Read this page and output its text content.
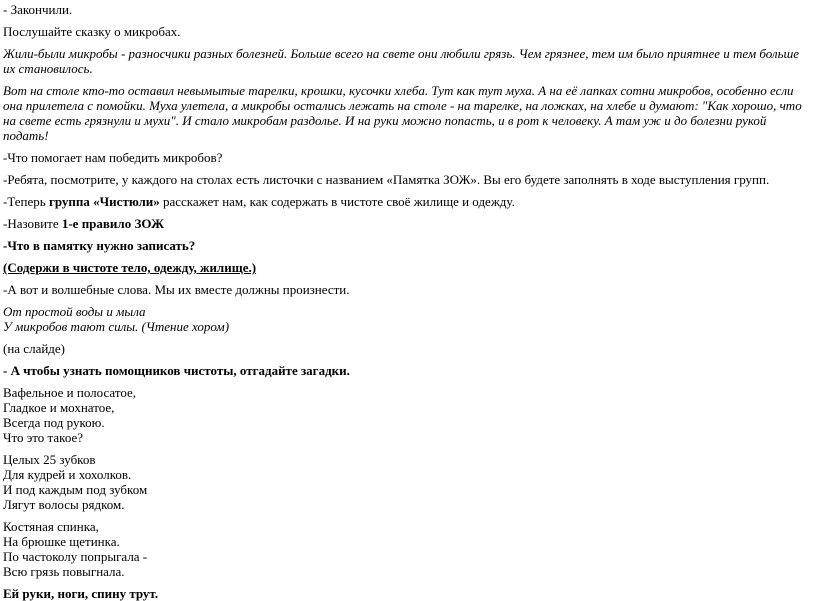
- Закончили.

Послушайте сказку о микробах.

Жили-были микробы - разносчики разных болезней. Больше всего на свете они любили грязь. Чем грязнее, тем им было приятнее и тем больше их становилось.

Вот на столе кто-то оставил невымытые тарелки, крошки, кусочки хлеба. Тут как тут муха. А на её лапках сотни микробов, особенно если она прилетела с помойки. Муха улетела, а микробы остались лежать на столе - на тарелке, на ложках, на хлебе и думают: "Как хорошо, что на свете есть грязнули и мухи". И стало микробам раздолье. И на руки можно попасть, и в рот к человеку. А там уж и до болезни рукой подать!

-Что помогает нам победить микробов?

-Ребята, посмотрите, у каждого на столах есть листочки с названием «Памятка ЗОЖ». Вы его будете заполнять в ходе выступления групп.

-Теперь группа «Чистюли» расскажет нам, как содержать в чистоте своё жилище и одежду.

-Назовите 1-е правило ЗОЖ

-Что в памятку нужно записать?

(Содержи в чистоте тело, одежду, жилище.)

-А вот и волшебные слова. Мы их вместе должны произнести.

От простой воды и мыла
У микробов тают силы. (Чтение хором)

(на слайде)

- А чтобы узнать помощников чистоты, отгадайте загадки.

Вафельное и полосатое,
Гладкое и мохнатое,
Всегда под рукою.
Что это такое?

Целых 25 зубков
Для кудрей и хохолков.
И под каждым под зубком
Лягут волосы рядком.

Костяная спинка,
На брюшке щетинка.
По частоколу попрыгала -
Всю грязь повыгнала.

Ей руки, ноги, спину трут.
